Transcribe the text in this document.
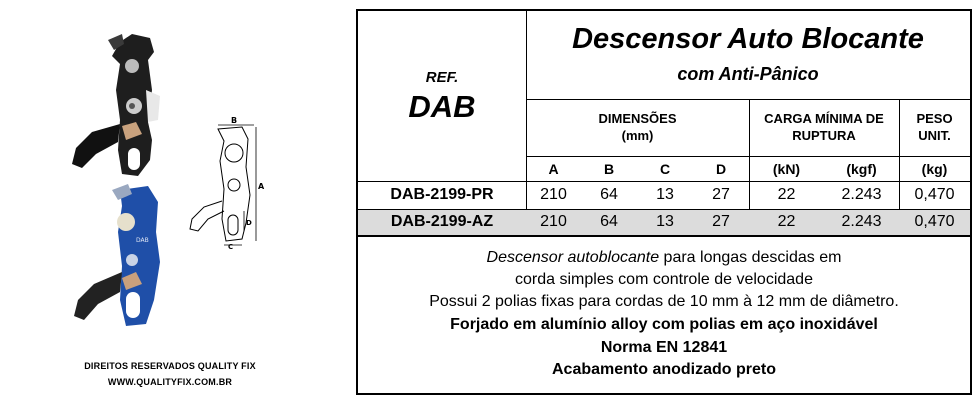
DAB
B
A
D
C
DIREITOS RESERVADOS QUALITY FIX
WWW.QUALITYFIX.COM.BR
REF.
DAB
Descensor Auto Blocante
com Anti-Pânico
DIMENSÕES
(mm)
CARGA MÍNIMA DE
RUPTURA
PESO
UNIT.
A	B	C	D	(kN)	(kgf)	(kg)
DAB-2199-PR	210	64	13	27	22	2.243	0,470
DAB-2199-AZ	210	64	13	27	22	2.243	0,470
Descensor autoblocante para longas descidas em
corda simples com controle de velocidade
Possui 2 polias fixas para cordas de 10 mm à 12 mm de diâmetro.
Forjado em alumínio alloy com polias em aço inoxidável
Norma EN 12841
Acabamento anodizado preto
